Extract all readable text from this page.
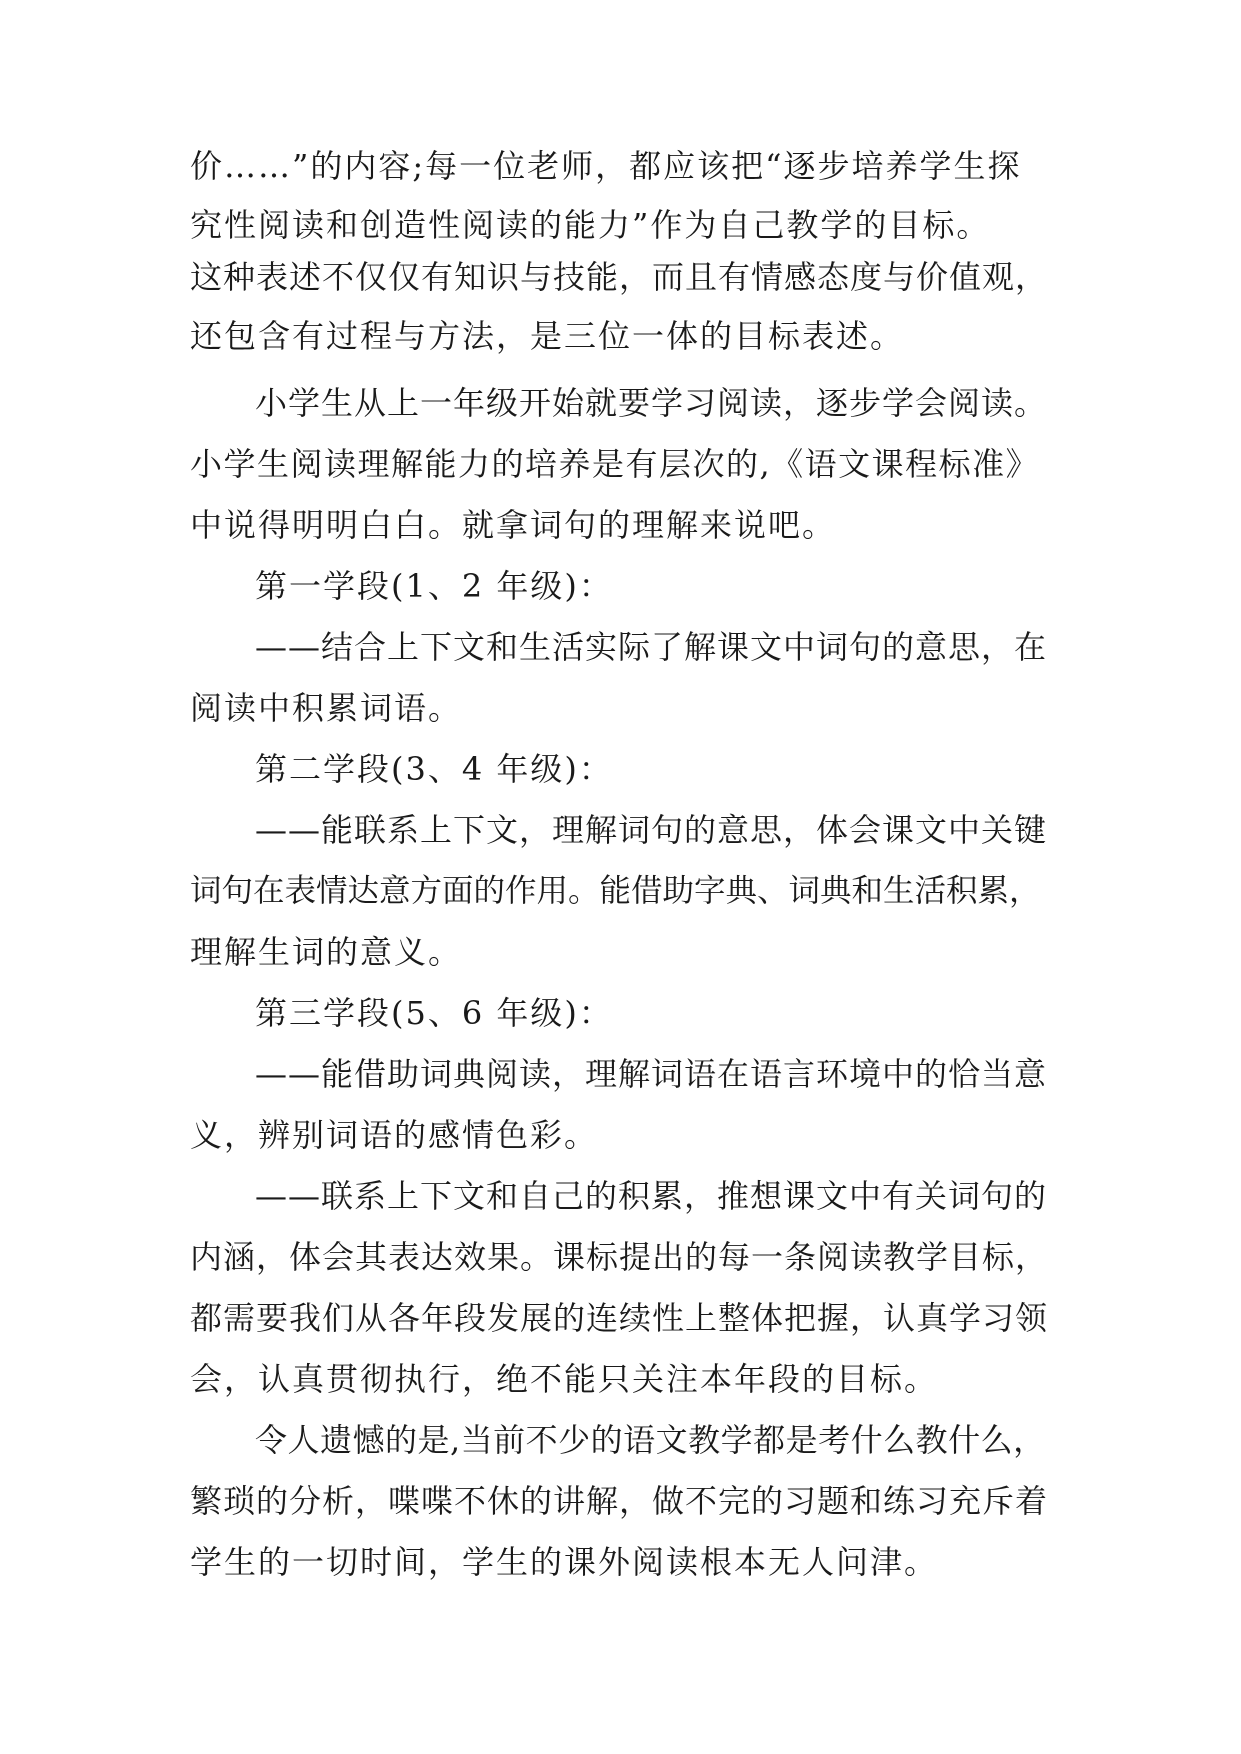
价……”的内容;每一位老师，都应该把“逐步培养学生探
究性阅读和创造性阅读的能力”作为自己教学的目标。
这种表述不仅仅有知识与技能，而且有情感态度与价值观，
还包含有过程与方法，是三位一体的目标表述。
小学生从上一年级开始就要学习阅读，逐步学会阅读。
小学生阅读理解能力的培养是有层次的,《语文课程标准》
中说得明明白白。就拿词句的理解来说吧。
第一学段(1、2 年级)：
——结合上下文和生活实际了解课文中词句的意思，在
阅读中积累词语。
第二学段(3、4 年级)：
——能联系上下文，理解词句的意思，体会课文中关键
词句在表情达意方面的作用。能借助字典、词典和生活积累，
理解生词的意义。
第三学段(5、6 年级)：
——能借助词典阅读，理解词语在语言环境中的恰当意
义，辨别词语的感情色彩。
——联系上下文和自己的积累，推想课文中有关词句的
内涵，体会其表达效果。课标提出的每一条阅读教学目标，
都需要我们从各年段发展的连续性上整体把握，认真学习领
会，认真贯彻执行，绝不能只关注本年段的目标。
令人遗憾的是,当前不少的语文教学都是考什么教什么，
繁琐的分析，喋喋不休的讲解，做不完的习题和练习充斥着
学生的一切时间，学生的课外阅读根本无人问津。
